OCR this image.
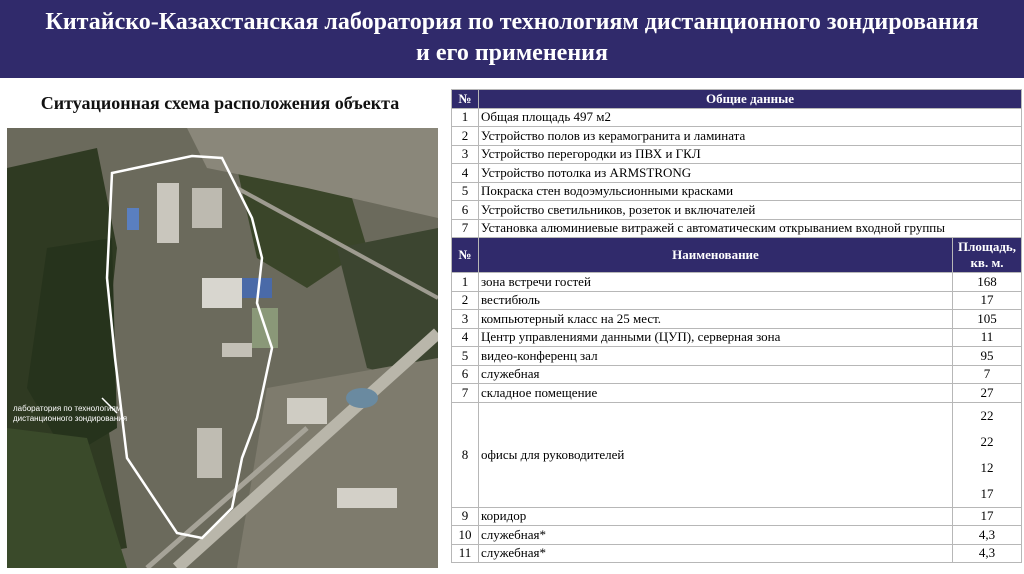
Китайско-Казахстанская лаборатория по технологиям дистанционного зондирования
и его применения
Ситуационная схема расположения объекта
лаборатория по технологиям
дистанционного зондирования
№	Общие данные	
1	Общая площадь 497 м2	
2	Устройство полов из керамогранита и ламината	
3	Устройство перегородки из ПВХ и ГКЛ	
4	Устройство потолка из ARMSTRONG	
5	Покраска стен водоэмульсионными красками	
6	Устройство светильников, розеток и включателей	
7	Установка алюминиевые витражей с автоматическим открыванием входной группы	
№	Наименование	Площадь,
кв. м.

1	зона встречи гостей	168
2	вестибюль	17
3	компьютерный класс на 25 мест.	105
4	Центр управлениями данными (ЦУП), серверная зона	11
5	видео-конференц зал	95
6	служебная	7
7	складное помещение	27
8	офисы для руководителей	22
22
12
17

9	коридор	17
10	служебная*	4,3
11	служебная*	4,3
